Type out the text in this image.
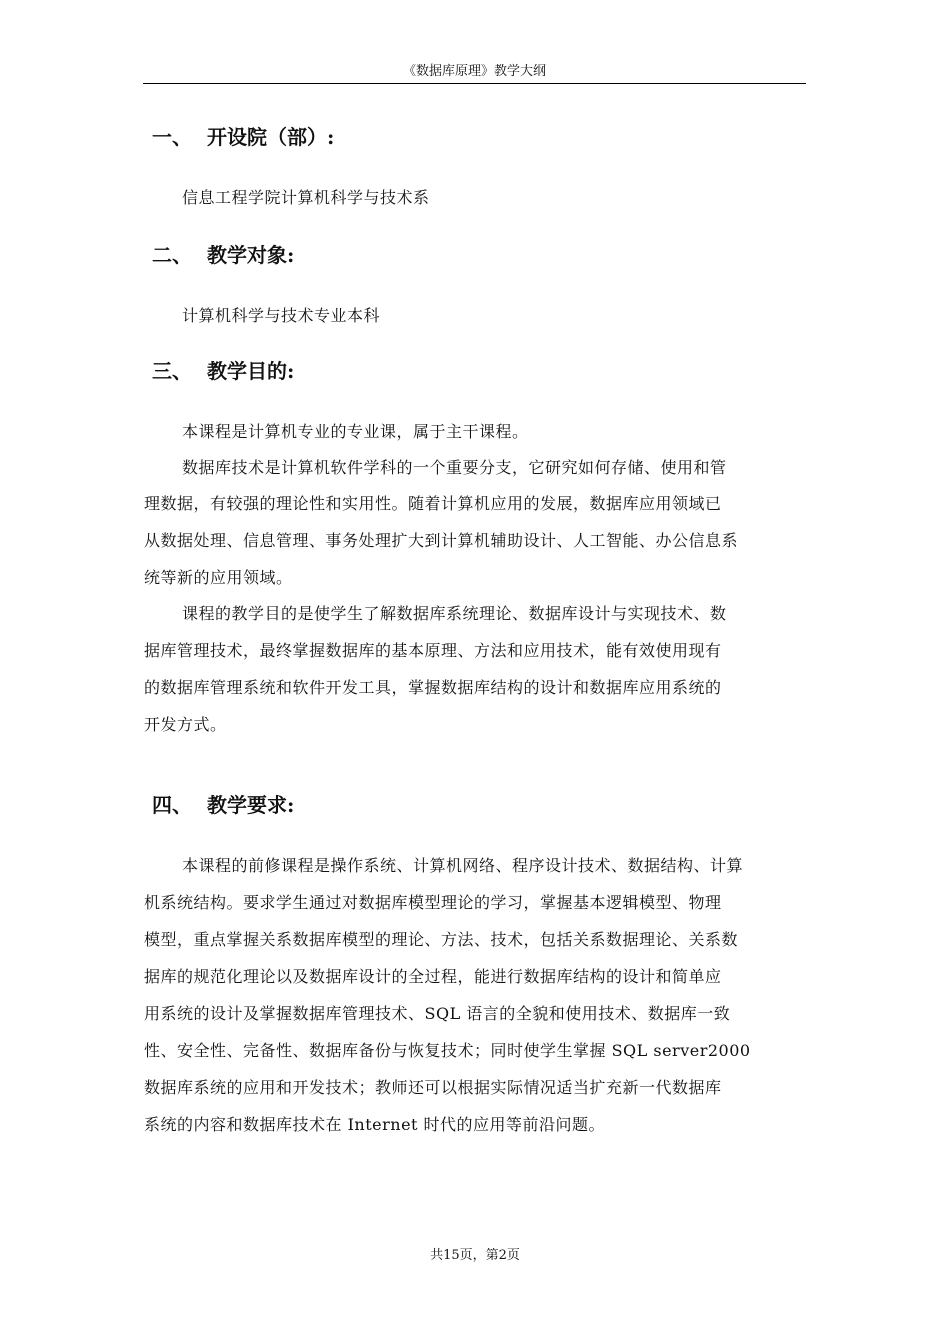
《数据库原理》教学大纲
一、 开设院（部）:
信息工程学院计算机科学与技术系
二、 教学对象:
计算机科学与技术专业本科
三、 教学目的:
本课程是计算机专业的专业课，属于主干课程。
数据库技术是计算机软件学科的一个重要分支，它研究如何存储、使用和管
理数据，有较强的理论性和实用性。随着计算机应用的发展，数据库应用领域已
从数据处理、信息管理、事务处理扩大到计算机辅助设计、人工智能、办公信息系
统等新的应用领域。
课程的教学目的是使学生了解数据库系统理论、数据库设计与实现技术、数
据库管理技术，最终掌握数据库的基本原理、方法和应用技术，能有效使用现有
的数据库管理系统和软件开发工具，掌握数据库结构的设计和数据库应用系统的
开发方式。
四、 教学要求:
本课程的前修课程是操作系统、计算机网络、程序设计技术、数据结构、计算
机系统结构。要求学生通过对数据库模型理论的学习，掌握基本逻辑模型、物理
模型，重点掌握关系数据库模型的理论、方法、技术，包括关系数据理论、关系数
据库的规范化理论以及数据库设计的全过程，能进行数据库结构的设计和简单应
用系统的设计及掌握数据库管理技术、SQL 语言的全貌和使用技术、数据库一致
性、安全性、完备性、数据库备份与恢复技术；同时使学生掌握 SQL server2000
数据库系统的应用和开发技术；教师还可以根据实际情况适当扩充新一代数据库
系统的内容和数据库技术在 Internet 时代的应用等前沿问题。
共15页，第2页
